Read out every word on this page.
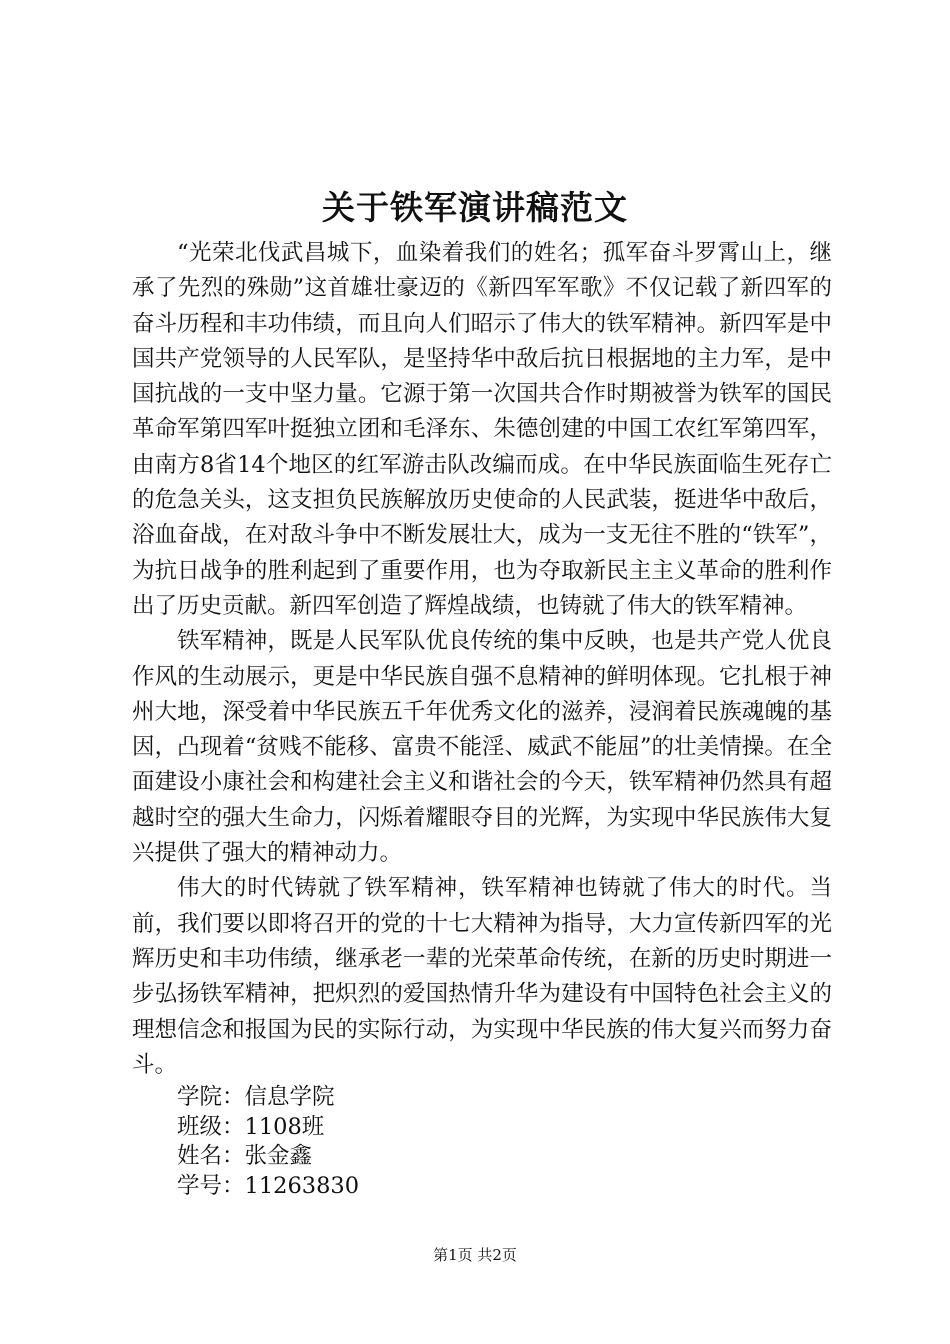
关于铁军演讲稿范文

“光荣北伐武昌城下，血染着我们的姓名；孤军奋斗罗霄山上，继承了先烈的殊勋”这首雄壮豪迈的《新四军军歌》不仅记载了新四军的奋斗历程和丰功伟绩，而且向人们昭示了伟大的铁军精神。新四军是中国共产党领导的人民军队，是坚持华中敌后抗日根据地的主力军，是中国抗战的一支中坚力量。它源于第一次国共合作时期被誉为铁军的国民革命军第四军叶挺独立团和毛泽东、朱德创建的中国工农红军第四军，由南方8省14个地区的红军游击队改编而成。在中华民族面临生死存亡的危急关头，这支担负民族解放历史使命的人民武装，挺进华中敌后，浴血奋战，在对敌斗争中不断发展壮大，成为一支无往不胜的“铁军”，为抗日战争的胜利起到了重要作用，也为夺取新民主主义革命的胜利作出了历史贡献。新四军创造了辉煌战绩，也铸就了伟大的铁军精神。

铁军精神，既是人民军队优良传统的集中反映，也是共产党人优良作风的生动展示，更是中华民族自强不息精神的鲜明体现。它扎根于神州大地，深受着中华民族五千年优秀文化的滋养，浸润着民族魂魄的基因，凸现着“贫贱不能移、富贵不能淫、威武不能屈”的壮美情操。在全面建设小康社会和构建社会主义和谐社会的今天，铁军精神仍然具有超越时空的强大生命力，闪烁着耀眼夺目的光辉，为实现中华民族伟大复兴提供了强大的精神动力。

伟大的时代铸就了铁军精神，铁军精神也铸就了伟大的时代。当前，我们要以即将召开的党的十七大精神为指导，大力宣传新四军的光辉历史和丰功伟绩，继承老一辈的光荣革命传统，在新的历史时期进一步弘扬铁军精神，把炽烈的爱国热情升华为建设有中国特色社会主义的理想信念和报国为民的实际行动，为实现中华民族的伟大复兴而努力奋斗。

学院：信息学院

班级：1108班

姓名：张金鑫

学号：11263830

第1页 共2页
